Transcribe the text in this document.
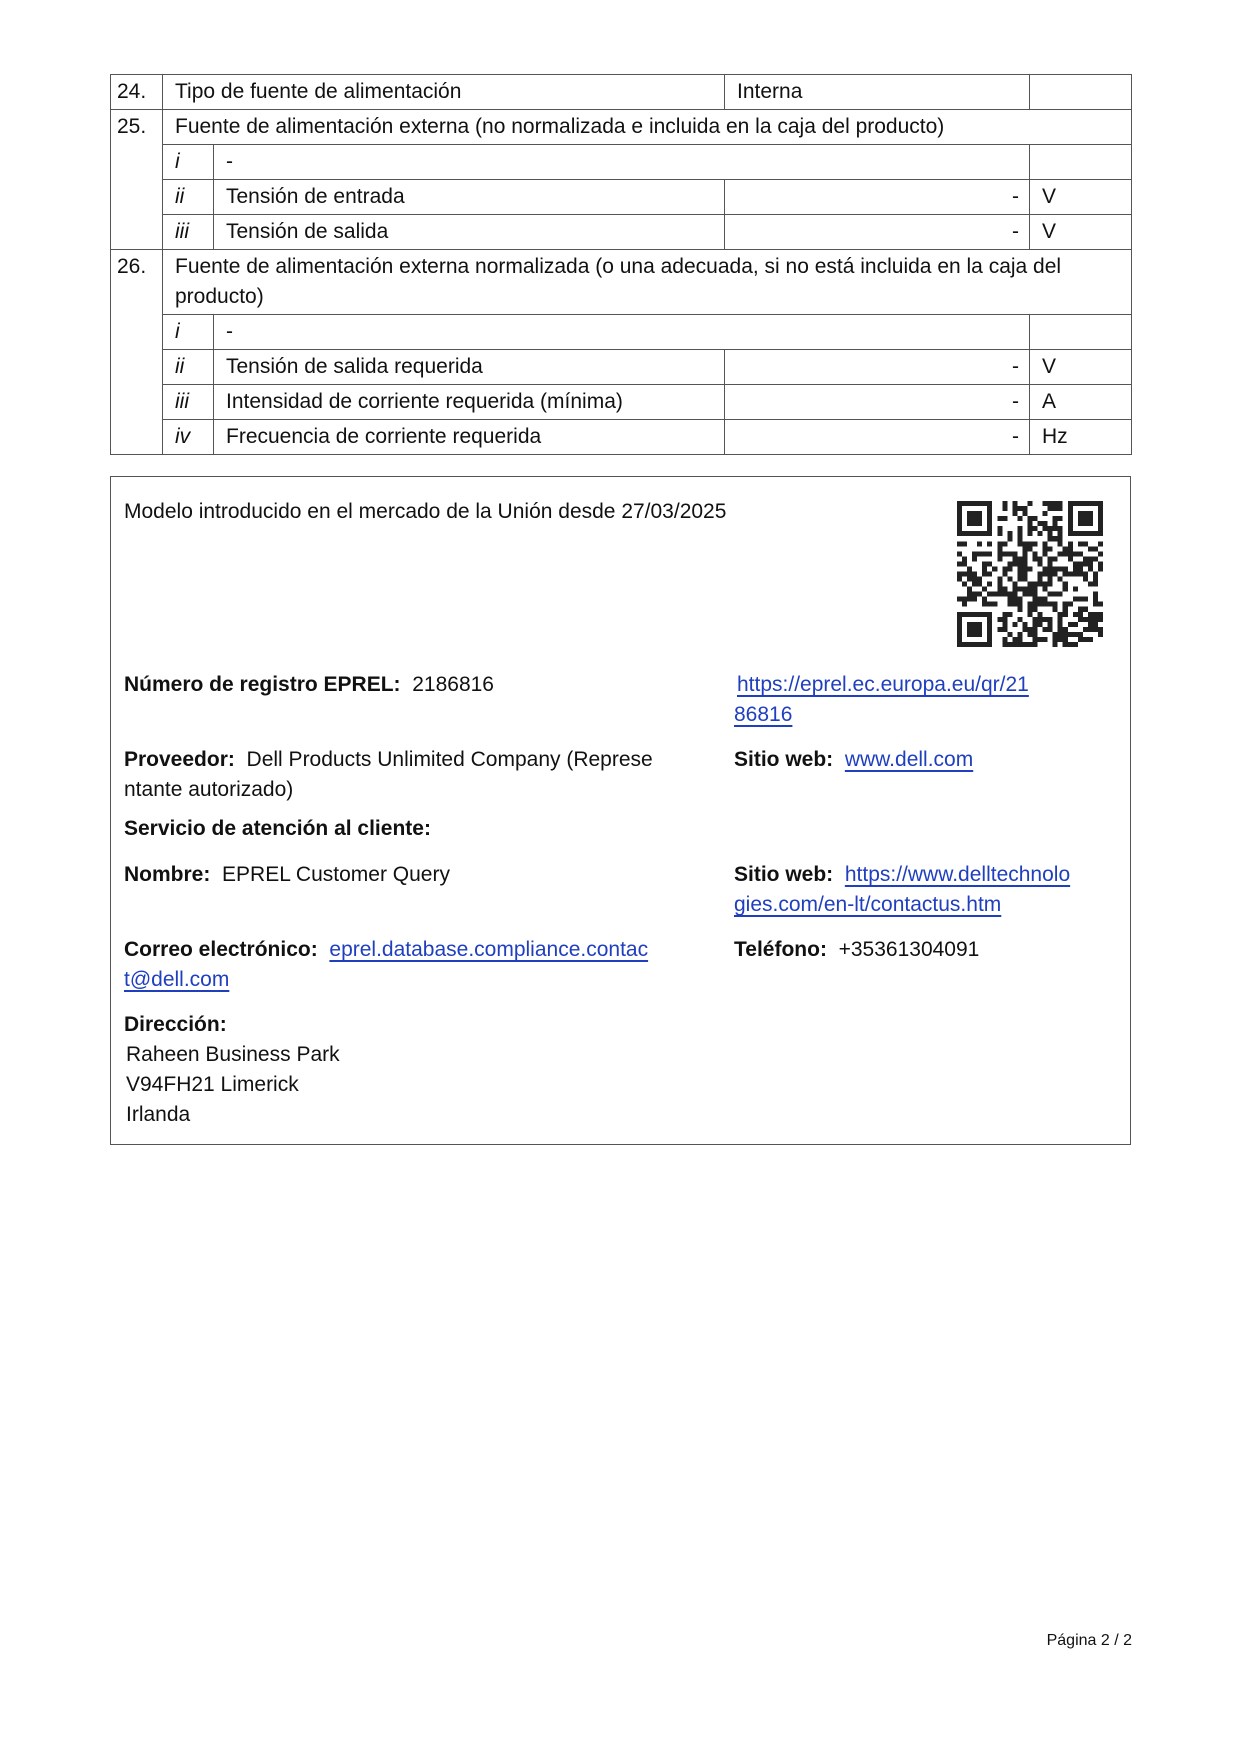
24.	Tipo de fuente de alimentación		Interna	
25.	Fuente de alimentación externa (no normalizada e incluida en la caja del producto)			
	i	-		
	ii	Tensión de entrada	-	V
	iii	Tensión de salida	-	V
26.	Fuente de alimentación externa normalizada (o una adecuada, si no está incluida en la caja del producto)			
	i	-		
	ii	Tensión de salida requerida	-	V
	iii	Intensidad de corriente requerida (mínima)	-	A
	iv	Frecuencia de corriente requerida	-	Hz
Modelo introducido en el mercado de la Unión desde 27/03/2025
Número de registro EPREL: 2186816	https://eprel.ec.europa.eu/qr/21
86816
Proveedor: Dell Products Unlimited Company (Represe
ntante autorizado)
Sitio web: www.dell.com
Servicio de atención al cliente:
Nombre: EPREL Customer Query	Sitio web: https://www.delltechnolo
gies.com/en-lt/contactus.htm
Correo electrónico: eprel.database.compliance.contac
t@dell.com
Teléfono: +35361304091
Dirección:
Raheen Business Park
V94FH21 Limerick
Irlanda
Página 2 / 2
